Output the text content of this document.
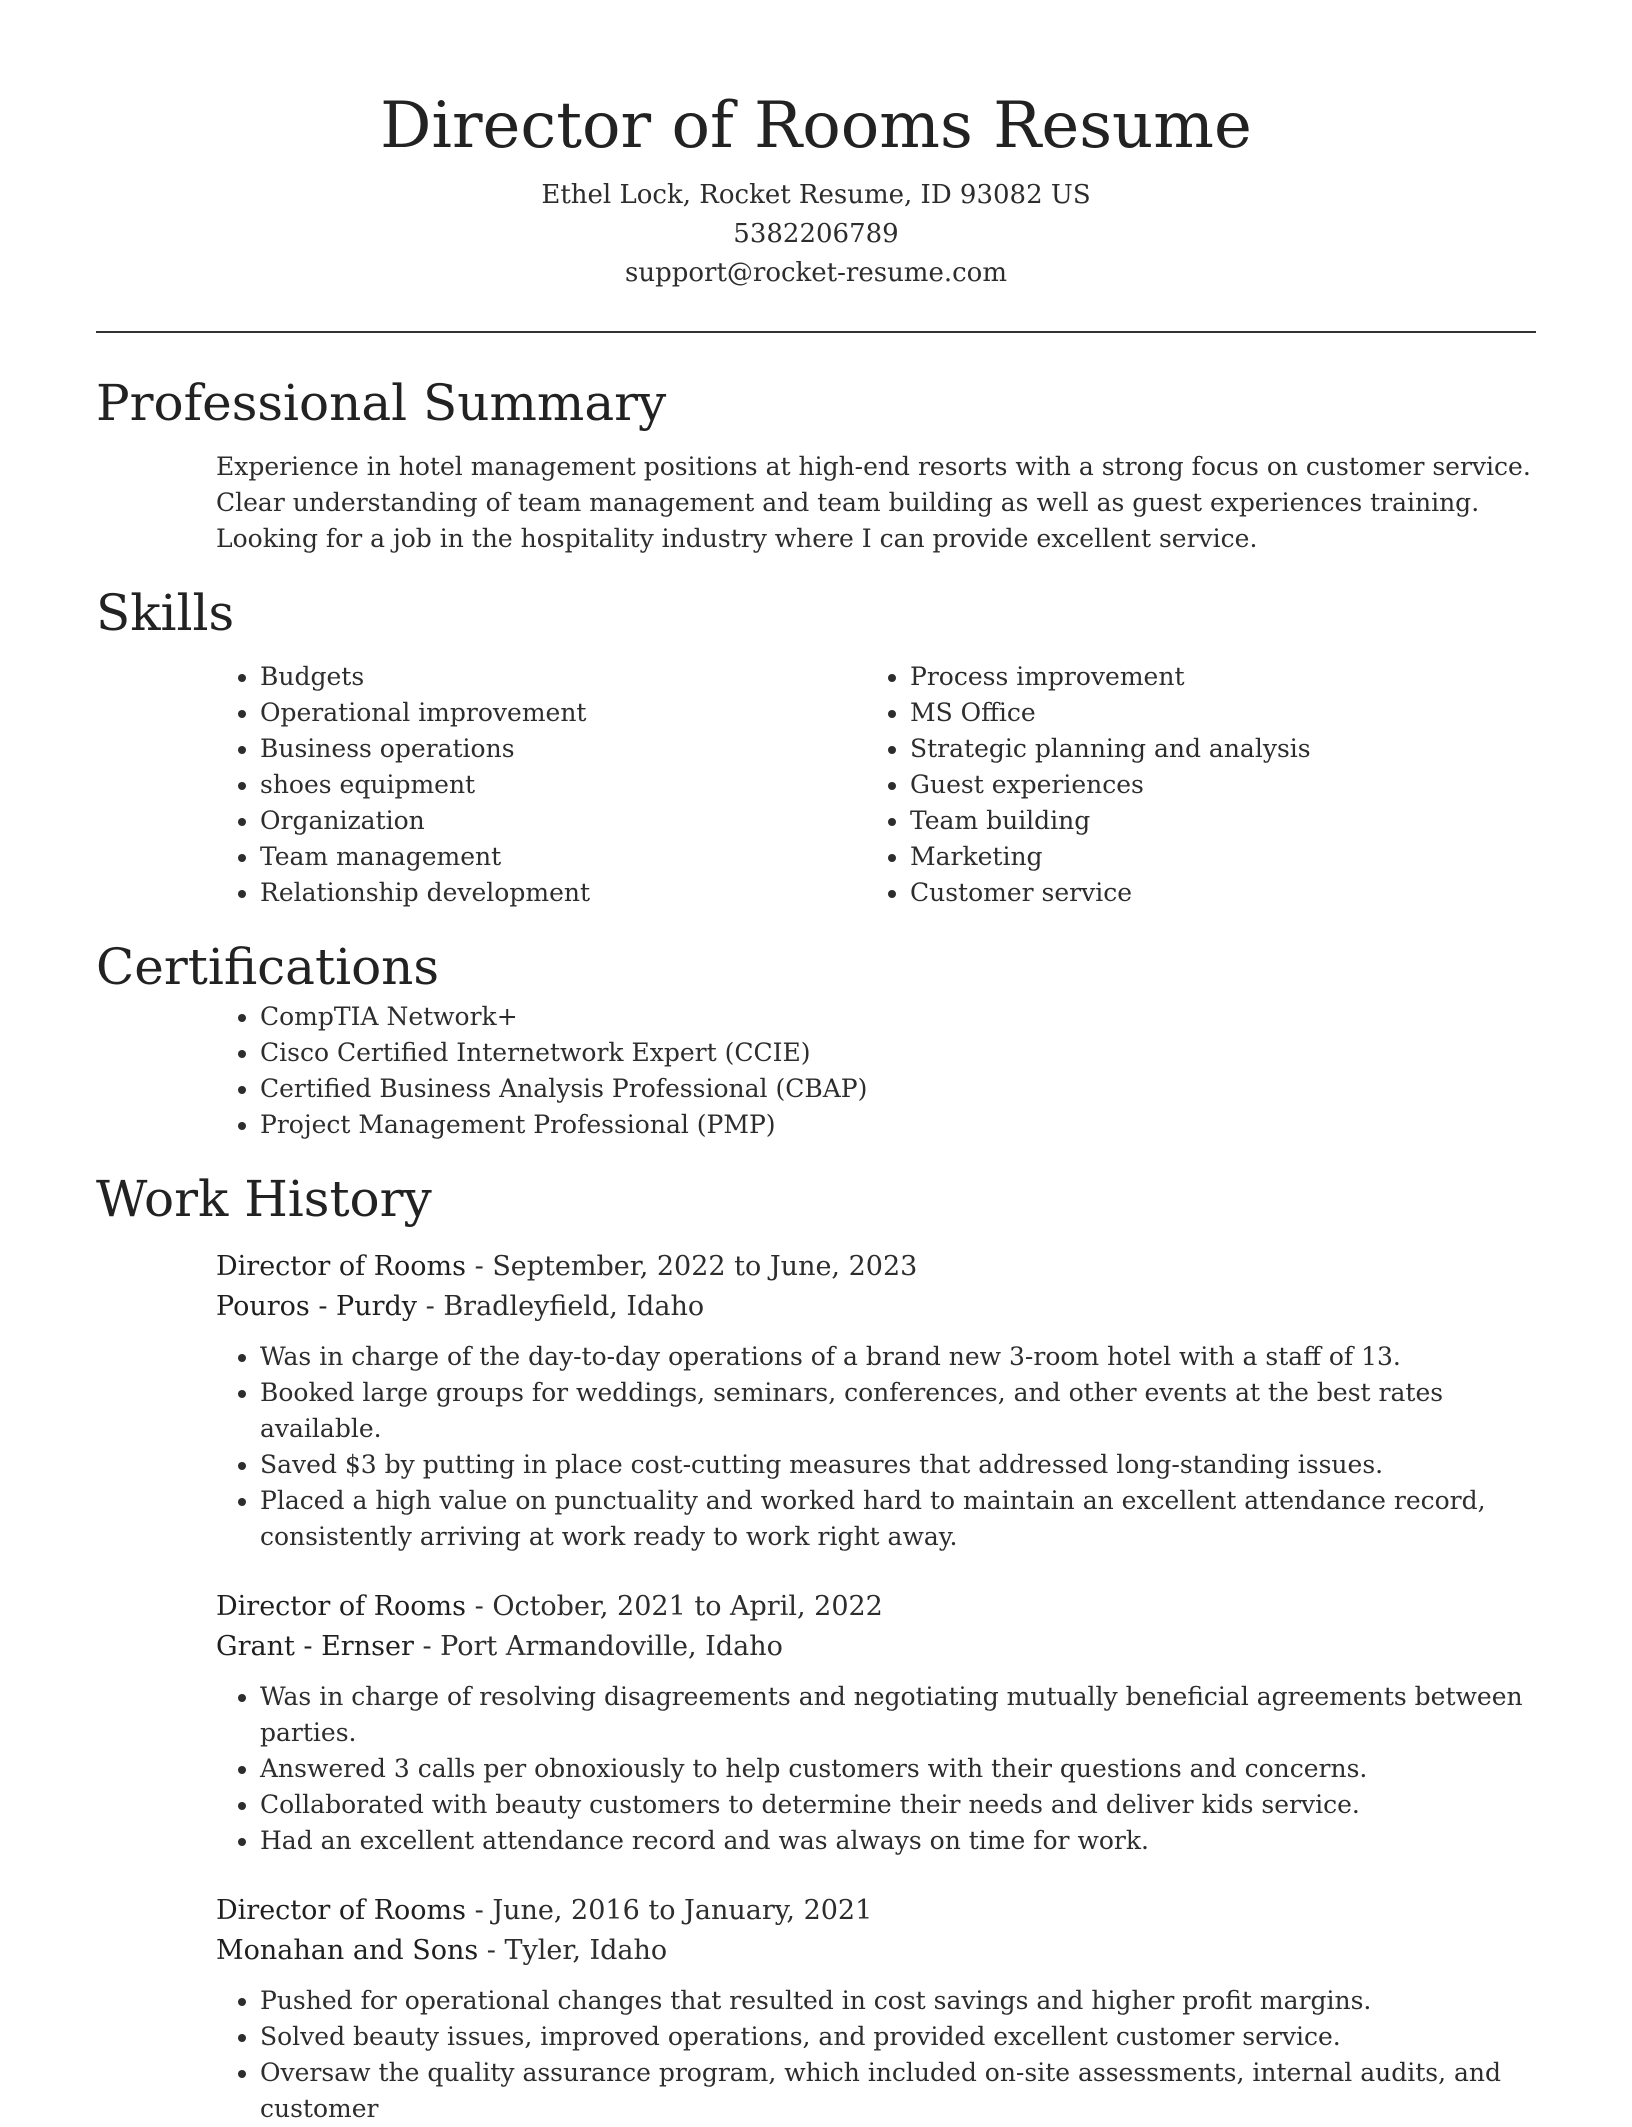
Director of Rooms Resume
Ethel Lock, Rocket Resume, ID 93082 US
5382206789
support@rocket-resume.com
Professional Summary

Experience in hotel management positions at high-end resorts with a strong focus on customer service. Clear understanding of team management and team building as well as guest experiences training. Looking for a job in the hospitality industry where I can provide excellent service.

Skills
• Budgets
• Operational improvement
• Business operations
• shoes equipment
• Organization
• Team management
• Relationship development
• Process improvement
• MS Office
• Strategic planning and analysis
• Guest experiences
• Team building
• Marketing
• Customer service
Certifications
• CompTIA Network+
• Cisco Certified Internetwork Expert (CCIE)
• Certified Business Analysis Professional (CBAP)
• Project Management Professional (PMP)
Work History
Director of Rooms - September, 2022 to June, 2023
Pouros - Purdy - Bradleyfield, Idaho
• Was in charge of the day-to-day operations of a brand new 3-room hotel with a staff of 13.
• Booked large groups for weddings, seminars, conferences, and other events at the best rates available.
• Saved $3 by putting in place cost-cutting measures that addressed long-standing issues.
• Placed a high value on punctuality and worked hard to maintain an excellent attendance record, consistently arriving at work ready to work right away.
Director of Rooms - October, 2021 to April, 2022
Grant - Ernser - Port Armandoville, Idaho
• Was in charge of resolving disagreements and negotiating mutually beneficial agreements between parties.
• Answered 3 calls per obnoxiously to help customers with their questions and concerns.
• Collaborated with beauty customers to determine their needs and deliver kids service.
• Had an excellent attendance record and was always on time for work.
Director of Rooms - June, 2016 to January, 2021
Monahan and Sons - Tyler, Idaho
• Pushed for operational changes that resulted in cost savings and higher profit margins.
• Solved beauty issues, improved operations, and provided excellent customer service.
• Oversaw the quality assurance program, which included on-site assessments, internal audits, and customer
